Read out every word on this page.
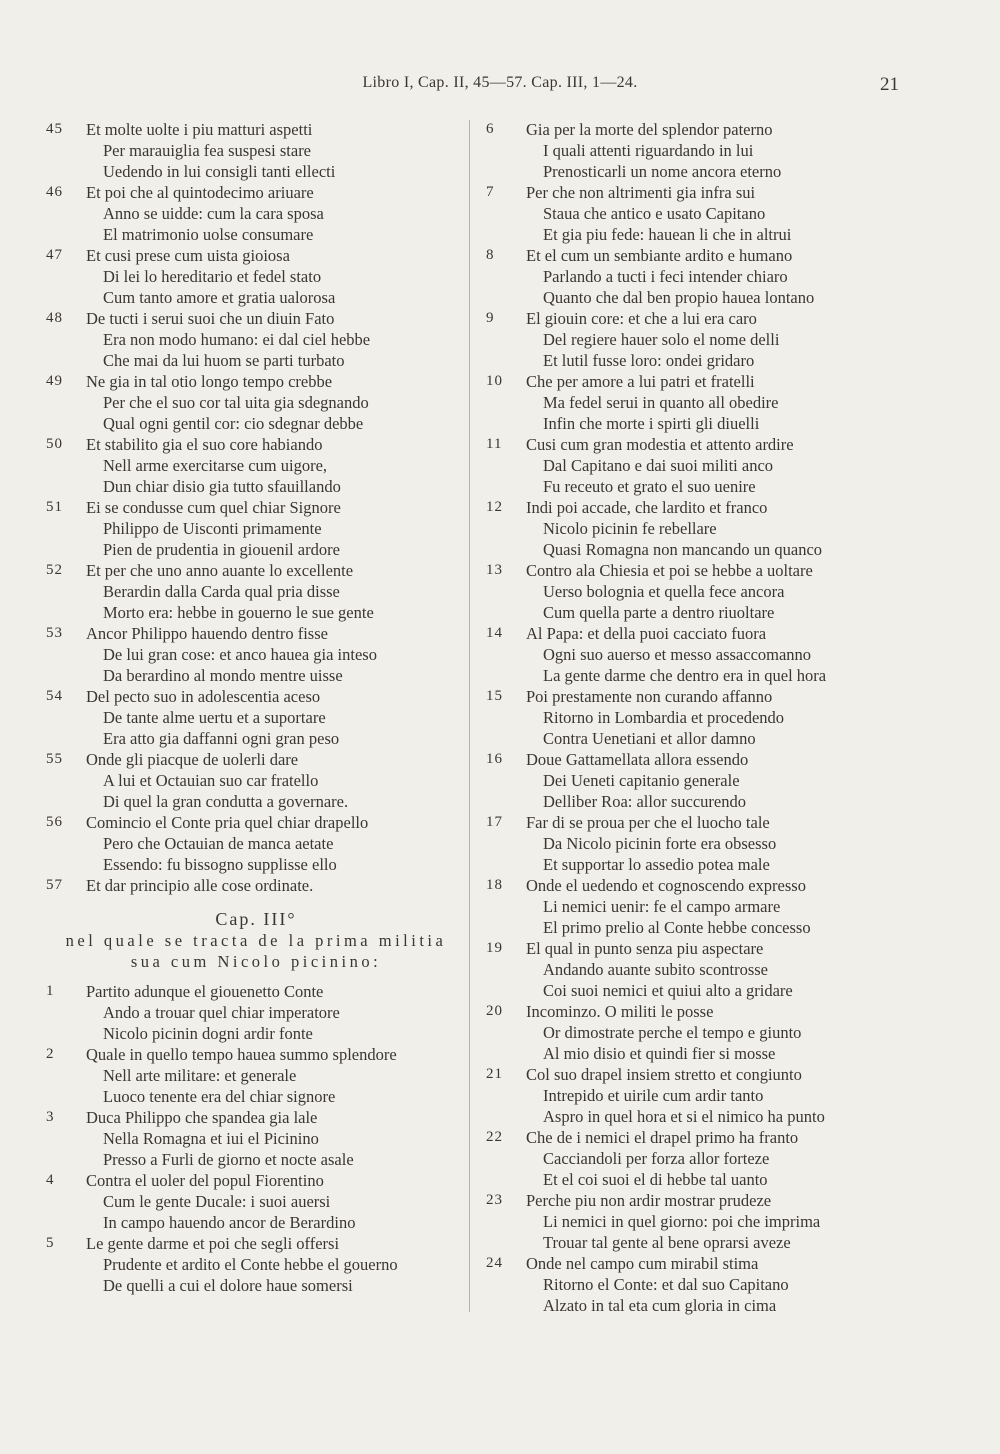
Libro I, Cap. II, 45—57. Cap. III, 1—24.	21
45	Et molte uolte i piu matturi aspetti
Per marauiglia fea suspesi stare
Uedendo in lui consigli tanti ellecti
46	Et poi che al quintodecimo ariuare
Anno se uidde: cum la cara sposa
El matrimonio uolse consumare
47	Et cusi prese cum uista gioiosa
Di lei lo hereditario et fedel stato
Cum tanto amore et gratia ualorosa
48	De tucti i serui suoi che un diuin Fato
Era non modo humano: ei dal ciel hebbe
Che mai da lui huom se parti turbato
49	Ne gia in tal otio longo tempo crebbe
Per che el suo cor tal uita gia sdegnando
Qual ogni gentil cor: cio sdegnar debbe
50	Et stabilito gia el suo core habiando
Nell arme exercitarse cum uigore,
Dun chiar disio gia tutto sfauillando
51	Ei se condusse cum quel chiar Signore
Philippo de Uisconti primamente
Pien de prudentia in giouenil ardore
52	Et per che uno anno auante lo excellente
Berardin dalla Carda qual pria disse
Morto era: hebbe in gouerno le sue gente
53	Ancor Philippo hauendo dentro fisse
De lui gran cose: et anco hauea gia inteso
Da berardino al mondo mentre uisse
54	Del pecto suo in adolescentia aceso
De tante alme uertu et a suportare
Era atto gia daffanni ogni gran peso
55	Onde gli piacque de uolerli dare
A lui et Octauian suo car fratello
Di quel la gran condutta a governare.
56	Comincio el Conte pria quel chiar drapello
Pero che Octauian de manca aetate
Essendo: fu bissogno supplisse ello
57	Et dar principio alle cose ordinate.
Cap. III°
nel quale se tracta de la prima militia
sua cum Nicolo picinino:
1	Partito adunque el giouenetto Conte
Ando a trouar quel chiar imperatore
Nicolo picinin dogni ardir fonte
2	Quale in quello tempo hauea summo splendore
Nell arte militare: et generale
Luoco tenente era del chiar signore
3	Duca Philippo che spandea gia lale
Nella Romagna et iui el Picinino
Presso a Furli de giorno et nocte asale
4	Contra el uoler del popul Fiorentino
Cum le gente Ducale: i suoi auersi
In campo hauendo ancor de Berardino
5	Le gente darme et poi che segli offersi
Prudente et ardito el Conte hebbe el gouerno
De quelli a cui el dolore haue somersi
6	Gia per la morte del splendor paterno
I quali attenti riguardando in lui
Prenosticarli un nome ancora eterno
7	Per che non altrimenti gia infra sui
Staua che antico e usato Capitano
Et gia piu fede: hauean li che in altrui
8	Et el cum un sembiante ardito e humano
Parlando a tucti i feci intender chiaro
Quanto che dal ben propio hauea lontano
9	El giouin core: et che a lui era caro
Del regiere hauer solo el nome delli
Et lutil fusse loro: ondei gridaro
10	Che per amore a lui patri et fratelli
Ma fedel serui in quanto all obedire
Infin che morte i spirti gli diuelli
11	Cusi cum gran modestia et attento ardire
Dal Capitano e dai suoi militi anco
Fu receuto et grato el suo uenire
12	Indi poi accade, che lardito et franco
Nicolo picinin fe rebellare
Quasi Romagna non mancando un quanco
13	Contro ala Chiesia et poi se hebbe a uoltare
Uerso bolognia et quella fece ancora
Cum quella parte a dentro riuoltare
14	Al Papa: et della puoi cacciato fuora
Ogni suo auerso et messo assaccomanno
La gente darme che dentro era in quel hora
15	Poi prestamente non curando affanno
Ritorno in Lombardia et procedendo
Contra Uenetiani et allor damno
16	Doue Gattamellata allora essendo
Dei Ueneti capitanio generale
Delliber Roa: allor succurendo
17	Far di se proua per che el luocho tale
Da Nicolo picinin forte era obsesso
Et supportar lo assedio potea male
18	Onde el uedendo et cognoscendo expresso
Li nemici uenir: fe el campo armare
El primo prelio al Conte hebbe concesso
19	El qual in punto senza piu aspectare
Andando auante subito scontrosse
Coi suoi nemici et quiui alto a gridare
20	Incominzo. O militi le posse
Or dimostrate perche el tempo e giunto
Al mio disio et quindi fier si mosse
21	Col suo drapel insiem stretto et congiunto
Intrepido et uirile cum ardir tanto
Aspro in quel hora et si el nimico ha punto
22	Che de i nemici el drapel primo ha franto
Cacciandoli per forza allor forteze
Et el coi suoi el di hebbe tal uanto
23	Perche piu non ardir mostrar prudeze
Li nemici in quel giorno: poi che imprima
Trouar tal gente al bene oprarsi aveze
24	Onde nel campo cum mirabil stima
Ritorno el Conte: et dal suo Capitano
Alzato in tal eta cum gloria in cima
